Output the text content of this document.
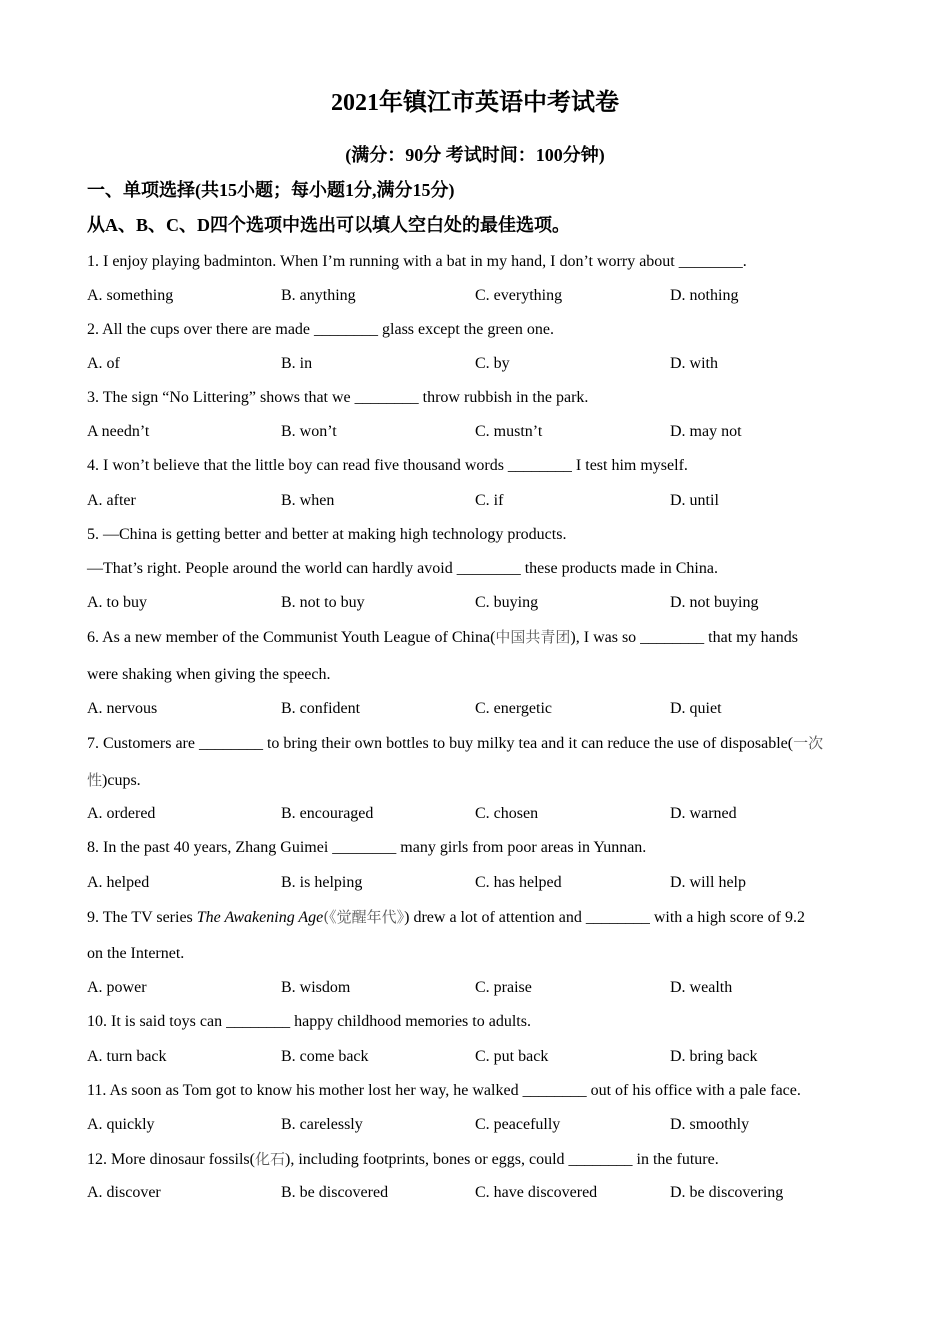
2021年镇江市英语中考试卷
(满分：90分 考试时间：100分钟)
一、单项选择(共15小题；每小题1分,满分15分)
从A、B、C、D四个选项中选出可以填人空白处的最佳选项。
1. I enjoy playing badminton. When I’m running with a bat in my hand, I don’t worry about ________.
A. something	B. anything	C. everything	D. nothing
2. All the cups over there are made ________ glass except the green one.
A. of	B. in	C. by	D. with
3. The sign “No Littering” shows that we ________ throw rubbish in the park.
A needn’t	B. won’t	C. mustn’t	D. may not
4. I won’t believe that the little boy can read five thousand words ________ I test him myself.
A. after	B. when	C. if	D. until
5. —China is getting better and better at making high technology products.
—That’s right. People around the world can hardly avoid ________ these products made in China.
A. to buy	B. not to buy	C. buying	D. not buying
6. As a new member of the Communist Youth League of China(中国共青团), I was so ________ that my hands
were shaking when giving the speech.
A. nervous	B. confident	C. energetic	D. quiet
7. Customers are ________ to bring their own bottles to buy milky tea and it can reduce the use of disposable(一次
性)cups.
A. ordered	B. encouraged	C. chosen	D. warned
8. In the past 40 years, Zhang Guimei ________ many girls from poor areas in Yunnan.
A. helped	B. is helping	C. has helped	D. will help
9. The TV series The Awakening Age(《觉醒年代》) drew a lot of attention and ________ with a high score of 9.2
on the Internet.
A. power	B. wisdom	C. praise	D. wealth
10. It is said toys can ________ happy childhood memories to adults.
A. turn back	B. come back	C. put back	D. bring back
11. As soon as Tom got to know his mother lost her way, he walked ________ out of his office with a pale face.
A. quickly	B. carelessly	C. peacefully	D. smoothly
12. More dinosaur fossils(化石), including footprints, bones or eggs, could ________ in the future.
A. discover	B. be discovered	C. have discovered	D. be discovering
